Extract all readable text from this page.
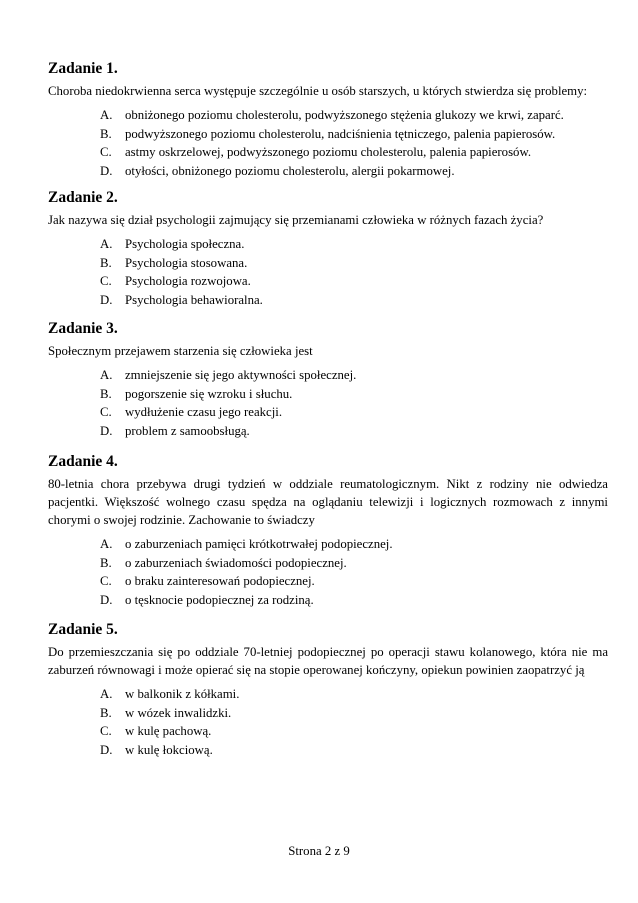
Zadanie 1.

Choroba niedokrwienna serca występuje szczególnie u osób starszych, u których stwierdza się problemy:

A. obniżonego poziomu cholesterolu, podwyższonego stężenia glukozy we krwi, zaparć.
B.	podwyższonego poziomu cholesterolu, nadciśnienia tętniczego, palenia papierosów.
C.	astmy oskrzelowej, podwyższonego poziomu cholesterolu, palenia papierosów.
D. otyłości, obniżonego poziomu cholesterolu, alergii pokarmowej.
Zadanie 2.

Jak nazywa się dział psychologii zajmujący się przemianami człowieka w różnych fazach życia?

A. Psychologia społeczna.
B.	Psychologia stosowana.
C.	Psychologia rozwojowa.
D. Psychologia behawioralna.
Zadanie 3.

Społecznym przejawem starzenia się człowieka jest

A. zmniejszenie się jego aktywności społecznej.
B.	pogorszenie się wzroku i słuchu.
C.	wydłużenie czasu jego reakcji.
D. problem z samoobsługą.
Zadanie 4.

80-letnia chora przebywa drugi tydzień w oddziale reumatologicznym. Nikt z rodziny nie odwiedza pacjentki. Większość wolnego czasu spędza na oglądaniu telewizji i logicznych rozmowach z innymi chorymi o swojej rodzinie. Zachowanie to świadczy

A. o zaburzeniach pamięci krótkotrwałej podopiecznej.
B.	o zaburzeniach świadomości podopiecznej.
C.	o braku zainteresowań podopiecznej.
D. o tęsknocie podopiecznej za rodziną.
Zadanie 5.

Do przemieszczania się po oddziale 70-letniej podopiecznej po operacji stawu kolanowego, która nie ma zaburzeń równowagi i może opierać się na stopie operowanej kończyny, opiekun powinien zaopatrzyć ją

A. w balkonik z kółkami.
B.	w wózek inwalidzki.
C.	w kulę pachową.
D. w kulę łokciową.
Strona 2 z 9
